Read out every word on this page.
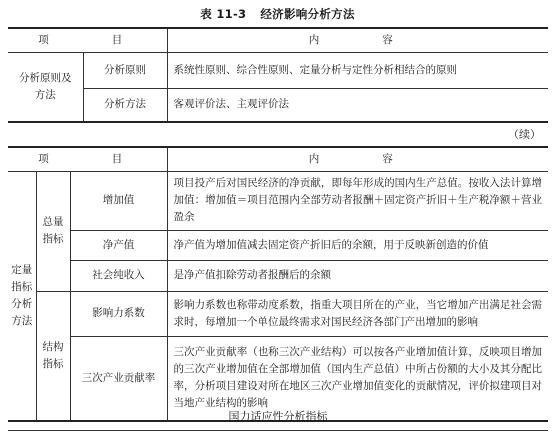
表 11-3 经济影响分析方法
项　　目		内　　容
分析原则及方法	分析原则	系统性原则、综合性原则、定量分析与定性分析相结合的原则
	分析方法	客观评价法、主观评价法
（续）
项　　目			内　　容
定量指标分析方法	总量指标	增加值	项目投产后对国民经济的净贡献，即每年形成的国内生产总值。按收入法计算增加值：增加值＝项目范围内全部劳动者报酬＋固定资产折旧＋生产税净额＋营业盈余
		净产值	净产值为增加值减去固定资产折旧后的余额，用于反映新创造的价值
		社会纯收入	是净产值扣除劳动者报酬后的余额
	结构指标	影响力系数	影响力系数也称带动度系数，指重大项目所在的产业，当它增加产出满足社会需求时，每增加一个单位最终需求对国民经济各部门产出增加的影响
		三次产业贡献率	三次产业贡献率（也称三次产业结构）可以按各产业增加值计算，反映项目增加的三次产业增加值在全部增加值（国内生产总值）中所占份额的大小及其分配比率，分析项目建设对所在地区三次产业增加值变化的贡献情况，评价拟建项目对当地产业结构的影响
国力适应性分析指标
